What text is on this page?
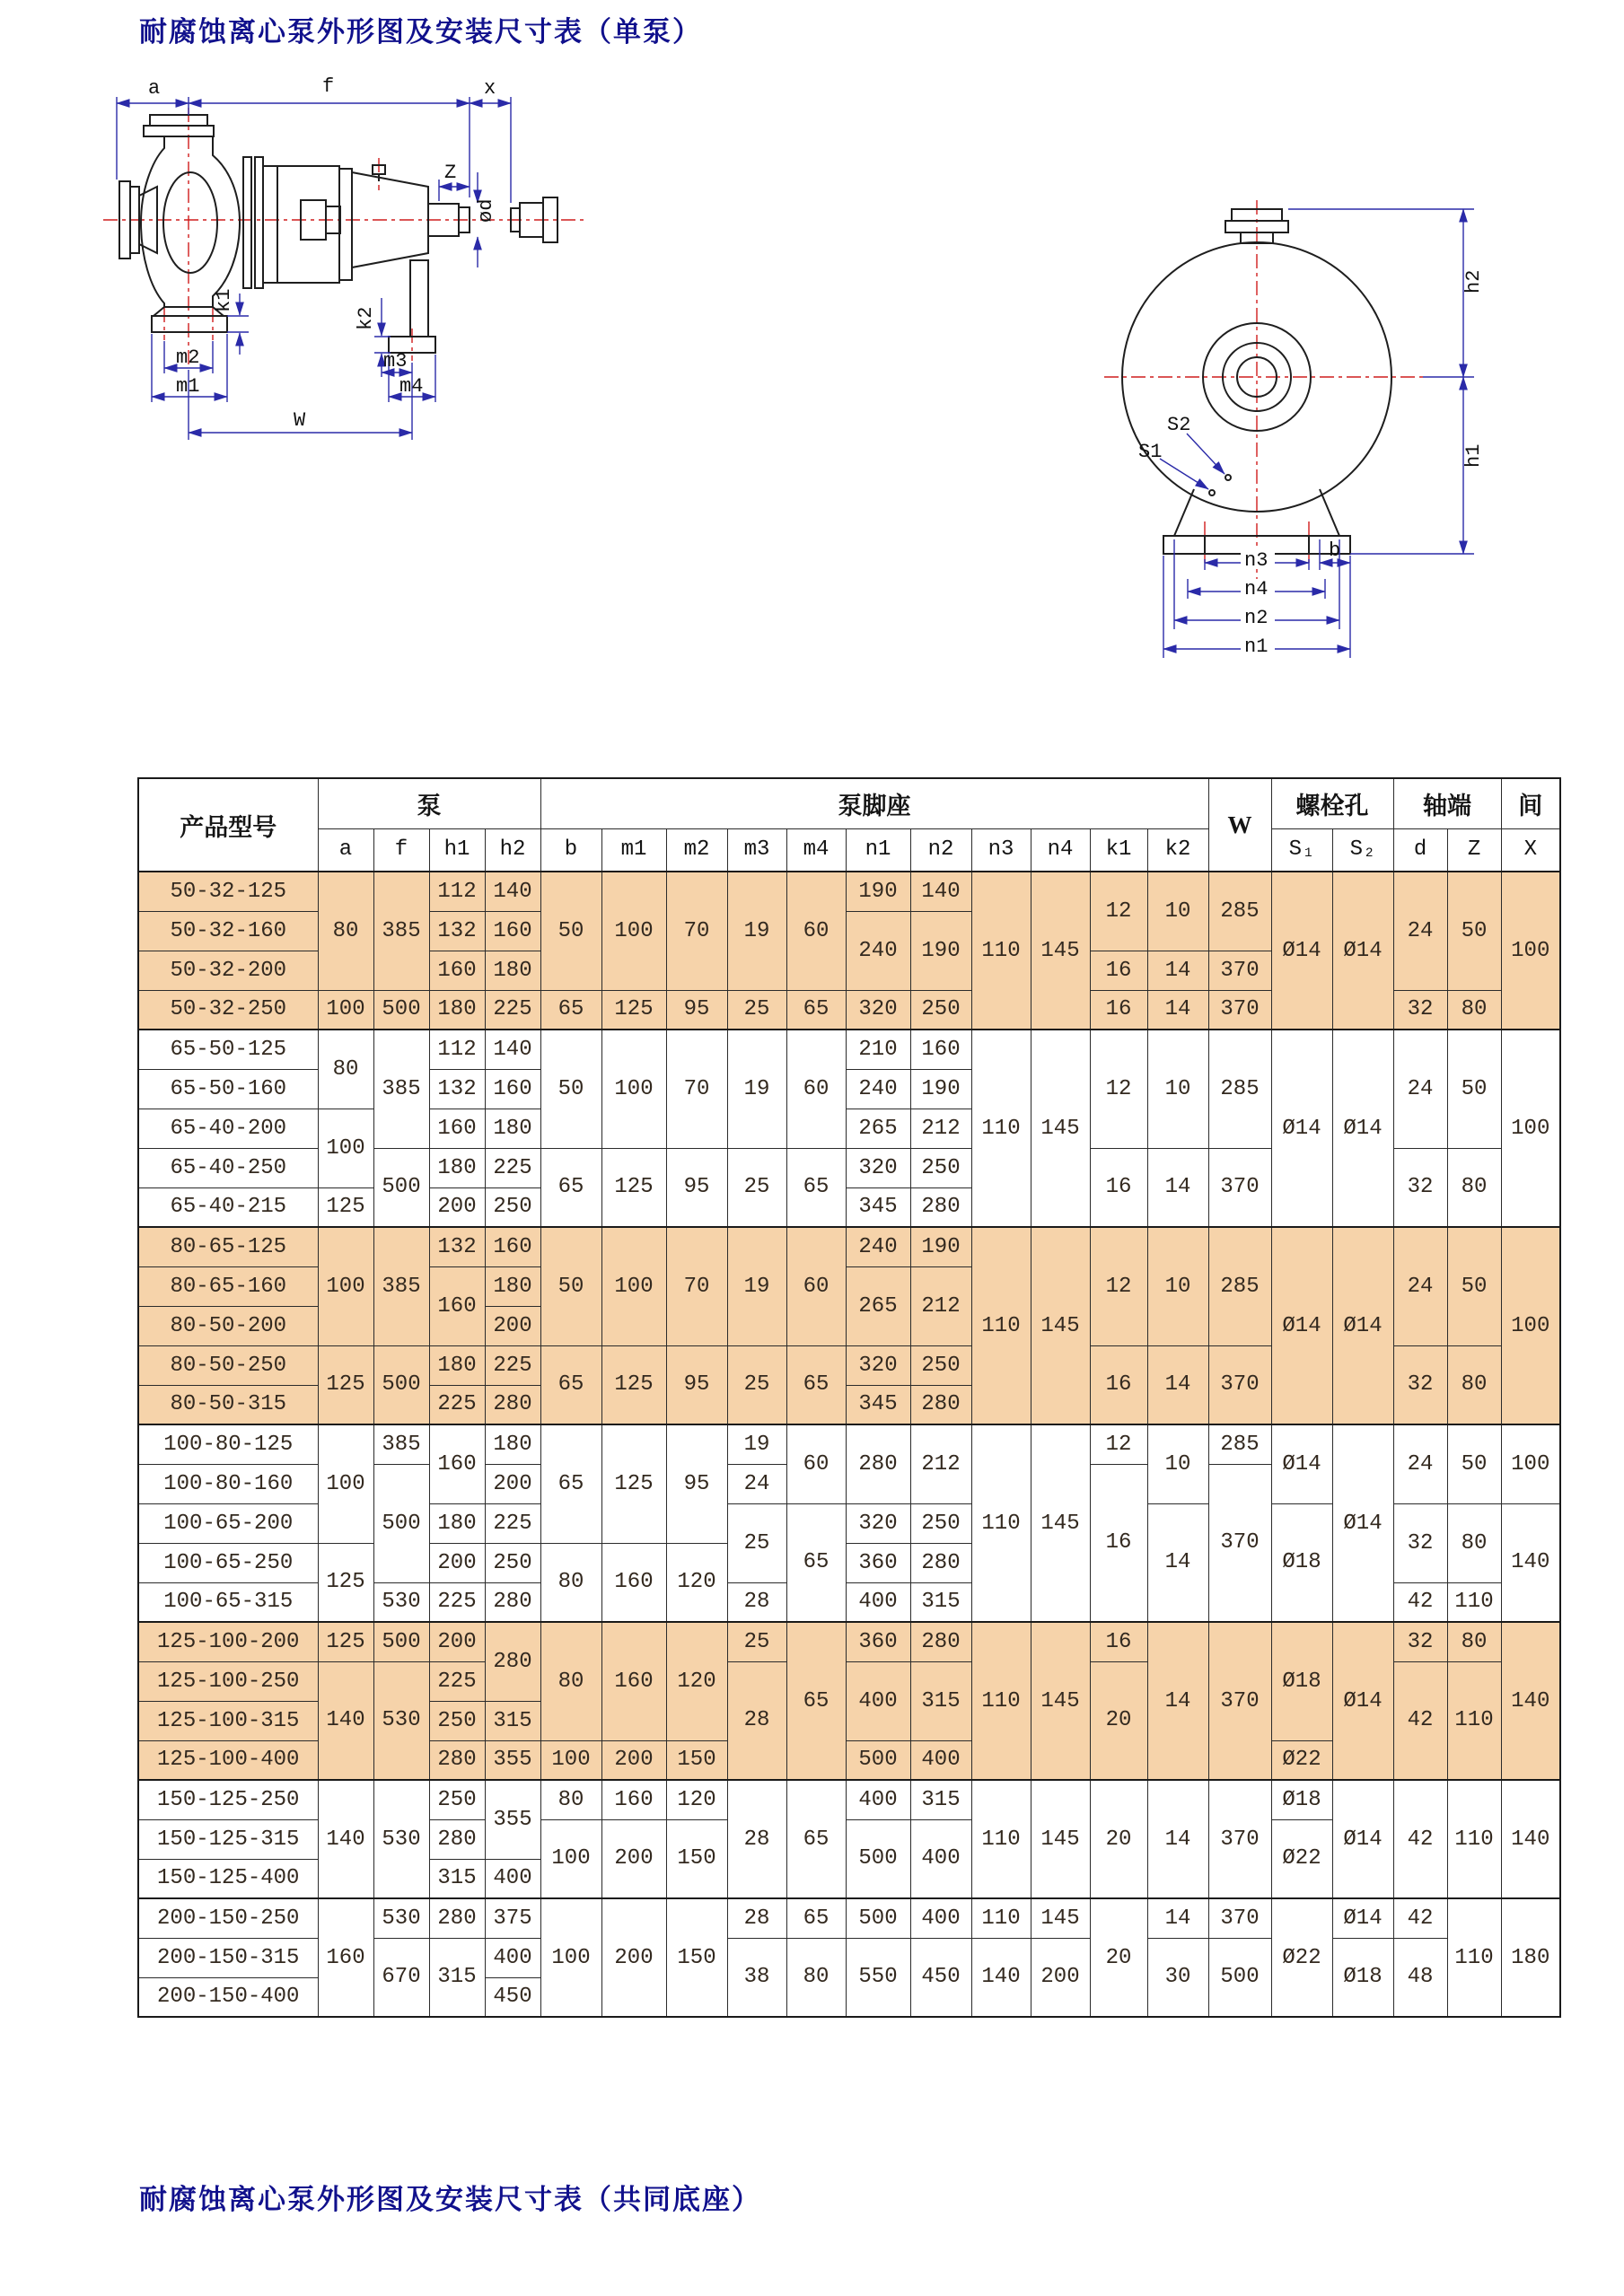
耐腐蚀离心泵外形图及安装尺寸表（单泵）
a	f	x
Z
ød
k1
k2
m2
m1
m3
m4
W
h2
h1
S2
S1
n3	b
n4
n2
n1
产品型号	泵				泵脚座											W	螺栓孔		轴端		间
	a	f	h1	h2	b	m1	m2	m3	m4	n1	n2	n3	n4	k1	k2		S₁	S₂	d	Z	X
50-32-125	80	385	112	140	50	100	70	19	60	190	140	110	145	12	10	285	Ø14	Ø14	24	50	100
50-32-160			132	160						240	190										
50-32-200			160	180										16	14	370					
50-32-250	100	500	180	225	65	125	95	25	65	320	250			16	14	370			32	80	
65-50-125	80	385	112	140	50	100	70	19	60	210	160	110	145	12	10	285	Ø14	Ø14	24	50	100
65-50-160			132	160						240	190										
65-40-200	100		160	180						265	212										
65-40-250		500	180	225	65	125	95	25	65	320	250			16	14	370			32	80	
65-40-215	125		200	250						345	280										
80-65-125	100	385	132	160	50	100	70	19	60	240	190	110	145	12	10	285	Ø14	Ø14	24	50	100
80-65-160			160	180						265	212										
80-50-200				200																	
80-50-250	125	500	180	225	65	125	95	25	65	320	250			16	14	370			32	80	
80-50-315			225	280						345	280										
100-80-125	100	385	160	180	65	125	95	19	60	280	212	110	145	12	10	285	Ø14	Ø14	24	50	100
100-80-160		500		200				24						16		370					
100-65-200			180	225				25	65	320	250				14		Ø18		32	80	140
100-65-250	125		200	250	80	160	120			360	280										
100-65-315		530	225	280				28		400	315								42	110	
125-100-200	125	500	200	280	80	160	120	25	65	360	280	110	145	16	14	370	Ø18	Ø14	32	80	140
125-100-250	140	530	225					28		400	315			20					42	110	
125-100-315			250	315																	
125-100-400			280	355	100	200	150			500	400						Ø22				
150-125-250	140	530	250	355	80	160	120	28	65	400	315	110	145	20	14	370	Ø18	Ø14	42	110	140
150-125-315			280		100	200	150			500	400						Ø22				
150-125-400			315	400																	
200-150-250	160	530	280	375	100	200	150	28	65	500	400	110	145	20	14	370	Ø22	Ø14	42	110	180
200-150-315		670	315	400				38	80	550	450	140	200		30	500		Ø18	48		
200-150-400				450																	
耐腐蚀离心泵外形图及安装尺寸表（共同底座）
